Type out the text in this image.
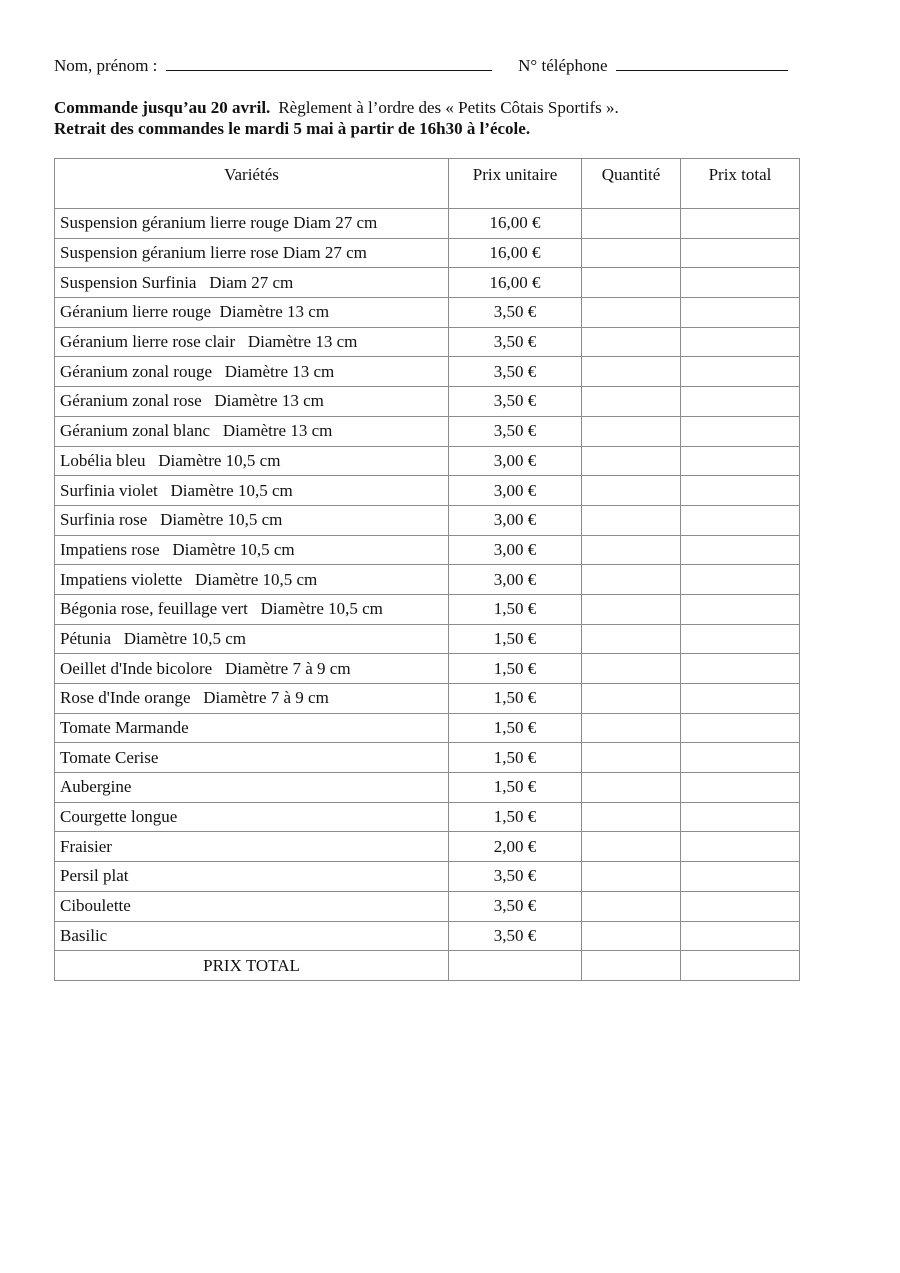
Nom, prénom :	N° téléphone
Commande jusqu’au 20 avril. Règlement à l’ordre des « Petits Côtais Sportifs ».
Retrait des commandes le mardi 5 mai à partir de 16h30 à l’école.
Variétés	Prix unitaire	Quantité	Prix total
Suspension géranium lierre rouge Diam 27 cm	16,00 €		
Suspension géranium lierre rose Diam 27 cm	16,00 €		
Suspension Surfinia   Diam 27 cm	16,00 €		
Géranium lierre rouge  Diamètre 13 cm	3,50 €		
Géranium lierre rose clair   Diamètre 13 cm	3,50 €		
Géranium zonal rouge   Diamètre 13 cm	3,50 €		
Géranium zonal rose   Diamètre 13 cm	3,50 €		
Géranium zonal blanc   Diamètre 13 cm	3,50 €		
Lobélia bleu   Diamètre 10,5 cm	3,00 €		
Surfinia violet   Diamètre 10,5 cm	3,00 €		
Surfinia rose   Diamètre 10,5 cm	3,00 €		
Impatiens rose   Diamètre 10,5 cm	3,00 €		
Impatiens violette   Diamètre 10,5 cm	3,00 €		
Bégonia rose, feuillage vert   Diamètre 10,5 cm	1,50 €		
Pétunia   Diamètre 10,5 cm	1,50 €		
Oeillet d'Inde bicolore   Diamètre 7 à 9 cm	1,50 €		
Rose d'Inde orange   Diamètre 7 à 9 cm	1,50 €		
Tomate Marmande	1,50 €		
Tomate Cerise	1,50 €		
Aubergine	1,50 €		
Courgette longue	1,50 €		
Fraisier	2,00 €		
Persil plat	3,50 €		
Ciboulette	3,50 €		
Basilic	3,50 €		
PRIX TOTAL			
